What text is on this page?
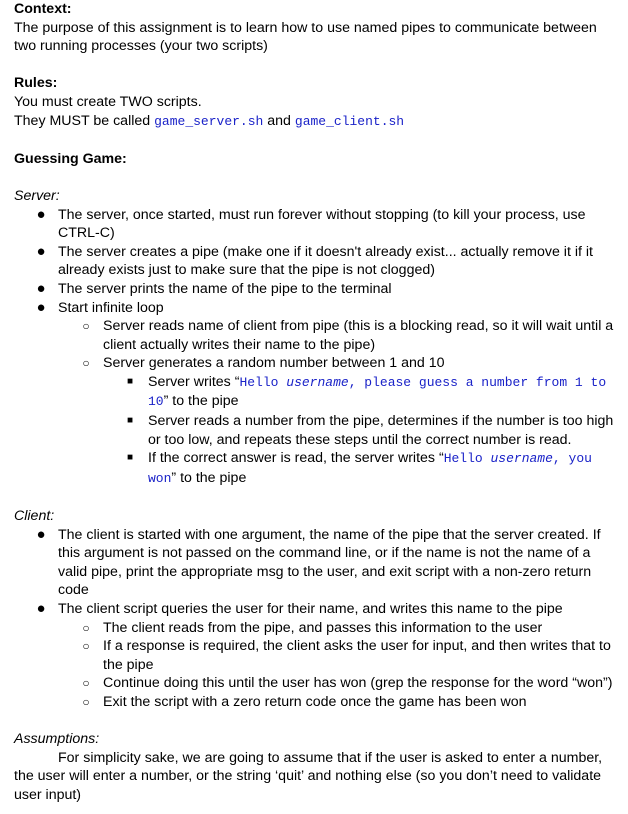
Context:

The purpose of this assignment is to learn how to use named pipes to communicate between two running processes (your two scripts)

Rules:

You must create TWO scripts.

They MUST be called game_server.sh and game_client.sh

Guessing Game:

Server:

● The server, once started, must run forever without stopping (to kill your process, use CTRL-C)
● The server creates a pipe (make one if it doesn't already exist... actually remove it if it already exists just to make sure that the pipe is not clogged)
● The server prints the name of the pipe to the terminal
● Start infinite loop
○ Server reads name of client from pipe (this is a blocking read, so it will wait until a client actually writes their name to the pipe)
○ Server generates a random number between 1 and 10
■	Server writes “Hello username, please guess a number from 1 to 10” to the pipe
■	Server reads a number from the pipe, determines if the number is too high or too low, and repeats these steps until the correct number is read.
■	If the correct answer is read, the server writes “Hello username, you won” to the pipe

Client:

● The client is started with one argument, the name of the pipe that the server created. If this argument is not passed on the command line, or if the name is not the name of a valid pipe, print the appropriate msg to the user, and exit script with a non-zero return code
● The client script queries the user for their name, and writes this name to the pipe
○ The client reads from the pipe, and passes this information to the user
○ If a response is required, the client asks the user for input, and then writes that to the pipe
○ Continue doing this until the user has won (grep the response for the word “won”)
○ Exit the script with a zero return code once the game has been won

Assumptions:

For simplicity sake, we are going to assume that if the user is asked to enter a number, the user will enter a number, or the string ‘quit’ and nothing else (so you don’t need to validate user input)
